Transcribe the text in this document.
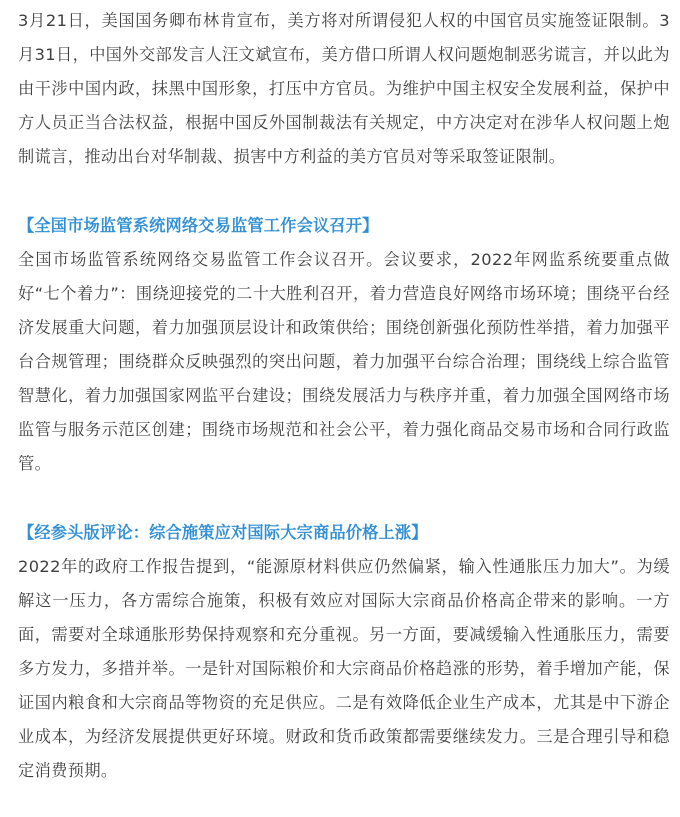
3月21日，美国国务卿布林肯宣布，美方将对所谓侵犯人权的中国官员实施签证限制。3月31日，中国外交部发言人汪文斌宣布，美方借口所谓人权问题炮制恶劣谎言，并以此为由干涉中国内政，抹黑中国形象，打压中方官员。为维护中国主权安全发展利益，保护中方人员正当合法权益，根据中国反外国制裁法有关规定，中方决定对在涉华人权问题上炮制谎言，推动出台对华制裁、损害中方利益的美方官员对等采取签证限制。

【全国市场监管系统网络交易监管工作会议召开】

全国市场监管系统网络交易监管工作会议召开。会议要求，2022年网监系统要重点做好“七个着力”：围绕迎接党的二十大胜利召开，着力营造良好网络市场环境；围绕平台经济发展重大问题，着力加强顶层设计和政策供给；围绕创新强化预防性举措，着力加强平台合规管理；围绕群众反映强烈的突出问题，着力加强平台综合治理；围绕线上综合监管智慧化，着力加强国家网监平台建设；围绕发展活力与秩序并重，着力加强全国网络市场监管与服务示范区创建；围绕市场规范和社会公平，着力强化商品交易市场和合同行政监管。

【经参头版评论：综合施策应对国际大宗商品价格上涨】

2022年的政府工作报告提到，“能源原材料供应仍然偏紧，输入性通胀压力加大”。为缓解这一压力，各方需综合施策，积极有效应对国际大宗商品价格高企带来的影响。一方面，需要对全球通胀形势保持观察和充分重视。另一方面，要减缓输入性通胀压力，需要多方发力，多措并举。一是针对国际粮价和大宗商品价格趋涨的形势，着手增加产能，保证国内粮食和大宗商品等物资的充足供应。二是有效降低企业生产成本，尤其是中下游企业成本，为经济发展提供更好环境。财政和货币政策都需要继续发力。三是合理引导和稳定消费预期。
